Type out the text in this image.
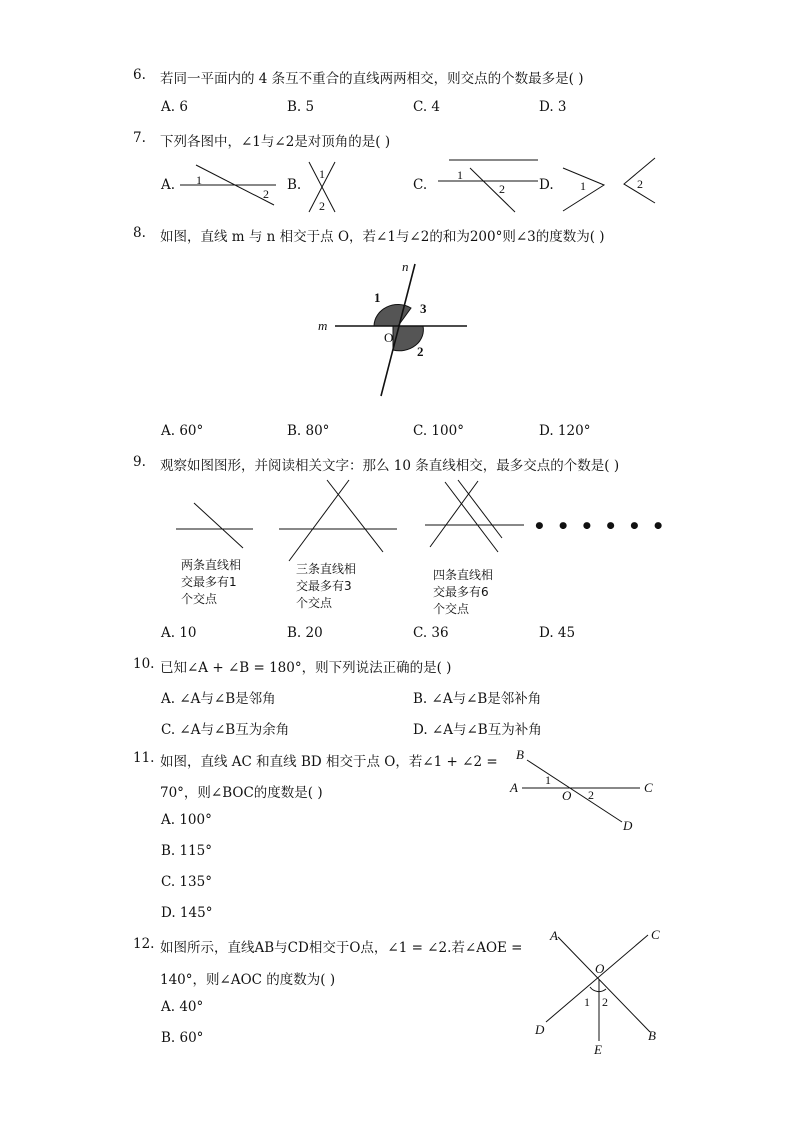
6. 若同一平面内的 4 条互不重合的直线两两相交，则交点的个数最多是( )
A. 6	B. 5	C. 4	D. 3
7. 下列各图中，∠1与∠2是对顶角的是( )
A.	B.	C.	D.
1
2
1
2
1
2	1	2
8. 如图，直线 m 与 n 相交于点 O，若∠1与∠2的和为200°则∠3的度数为( )
n
m
O
1
3
2
A. 60°	B. 80°	C. 100°	D. 120°
9. 观察如图图形，并阅读相关文字：那么 10 条直线相交，最多交点的个数是( )
• • • • • •
两条直线相
交最多有1
个交点
三条直线相
交最多有3
个交点
四条直线相
交最多有6
个交点
A. 10	B. 20	C. 36	D. 45
10. 已知∠A + ∠B = 180°，则下列说法正确的是( )
A. ∠A与∠B是邻角	B. ∠A与∠B是邻补角
C. ∠A与∠B互为余角	D. ∠A与∠B互为补角
11. 如图，直线 AC 和直线 BD 相交于点 O，若∠1 + ∠2 =
70°，则∠BOC的度数是( )
A. 100°
B. 115°
C. 135°
D. 145°
B
A	C
D
O
1
2
12. 如图所示，直线AB与CD相交于O点，∠1 = ∠2.若∠AOE =
140°，则∠AOC 的度数为( )
A. 40°
B. 60°
A	C
O
D	B
E
1 2
